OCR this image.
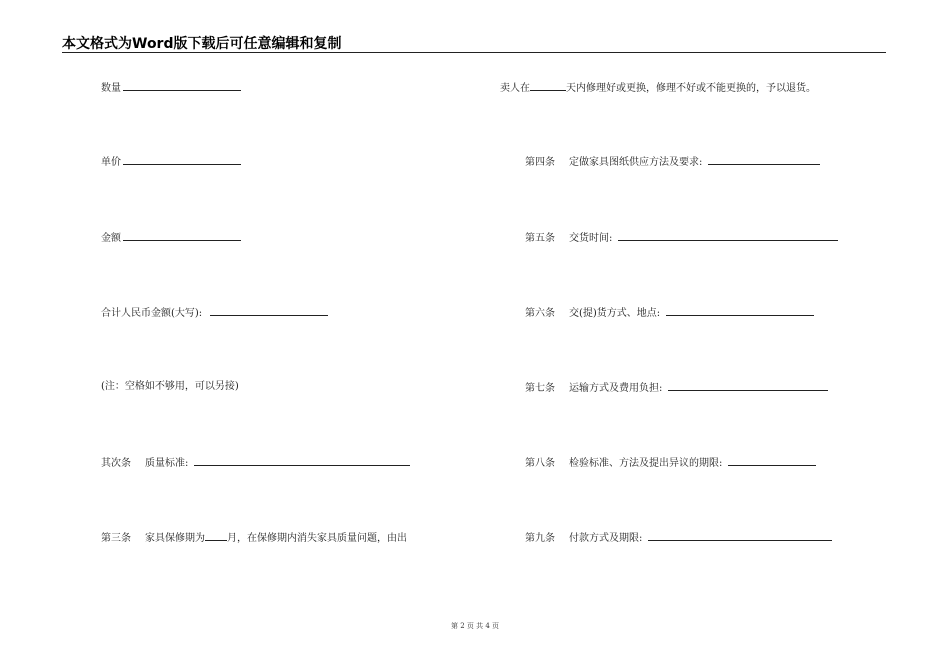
本文格式为Word版下载后可任意编辑和复制
数量
单价
金额
合计人民币金额(大写):
(注：空格如不够用，可以另接)
其次条 质量标准:
第三条 家具保修期为 月，在保修期内消失家具质量问题，由出
卖人在	天内修理好或更换，修理不好或不能更换的，予以退货。
第四条 定做家具图纸供应方法及要求:
第五条 交货时间:
第六条 交(提)货方式、地点:
第七条 运输方式及费用负担:
第八条 检验标准、方法及提出异议的期限:
第九条 付款方式及期限:
第 2 页 共 4 页
